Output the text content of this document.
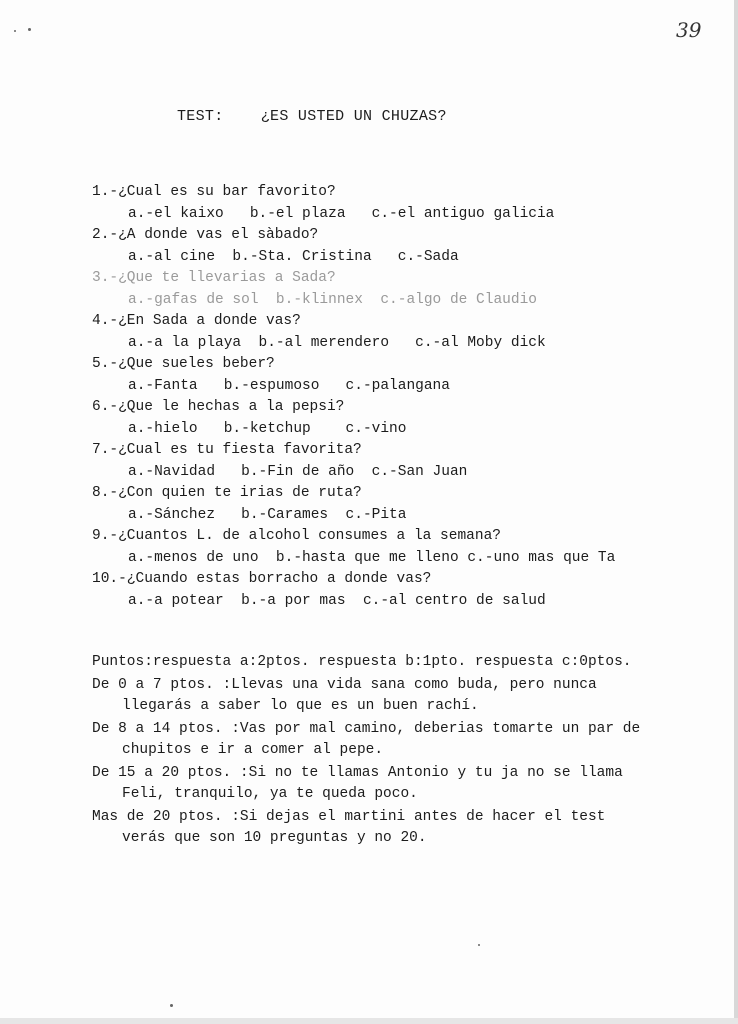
39
TEST:    ¿ES USTED UN CHUZAS?
1.-¿Cual es su bar favorito?
a.-el kaixo   b.-el plaza   c.-el antiguo galicia
2.-¿A donde vas el sàbado?
a.-al cine  b.-Sta. Cristina   c.-Sada
3.-¿Que te llevarias a Sada?
a.-gafas de sol  b.-klinnex  c.-algo de Claudio
4.-¿En Sada a donde vas?
a.-a la playa  b.-al merendero   c.-al Moby dick
5.-¿Que sueles beber?
a.-Fanta   b.-espumoso   c.-palangana
6.-¿Que le hechas a la pepsi?
a.-hielo   b.-ketchup    c.-vino
7.-¿Cual es tu fiesta favorita?
a.-Navidad   b.-Fin de año  c.-San Juan
8.-¿Con quien te irias de ruta?
a.-Sánchez   b.-Carames  c.-Pita
9.-¿Cuantos L. de alcohol consumes a la semana?
a.-menos de uno  b.-hasta que me lleno c.-uno mas que Ta
10.-¿Cuando estas borracho a donde vas?
a.-a potear  b.-a por mas  c.-al centro de salud
Puntos:respuesta a:2ptos. respuesta b:1pto. respuesta c:0ptos.
De 0 a 7 ptos. :Llevas una vida sana como buda, pero nunca
llegarás a saber lo que es un buen rachí.
De 8 a 14 ptos. :Vas por mal camino, deberias tomarte un par de
chupitos e ir a comer al pepe.
De 15 a 20 ptos. :Si no te llamas Antonio y tu ja no se llama
Feli, tranquilo, ya te queda poco.
Mas de 20 ptos. :Si dejas el martini antes de hacer el test
verás que son 10 preguntas y no 20.
